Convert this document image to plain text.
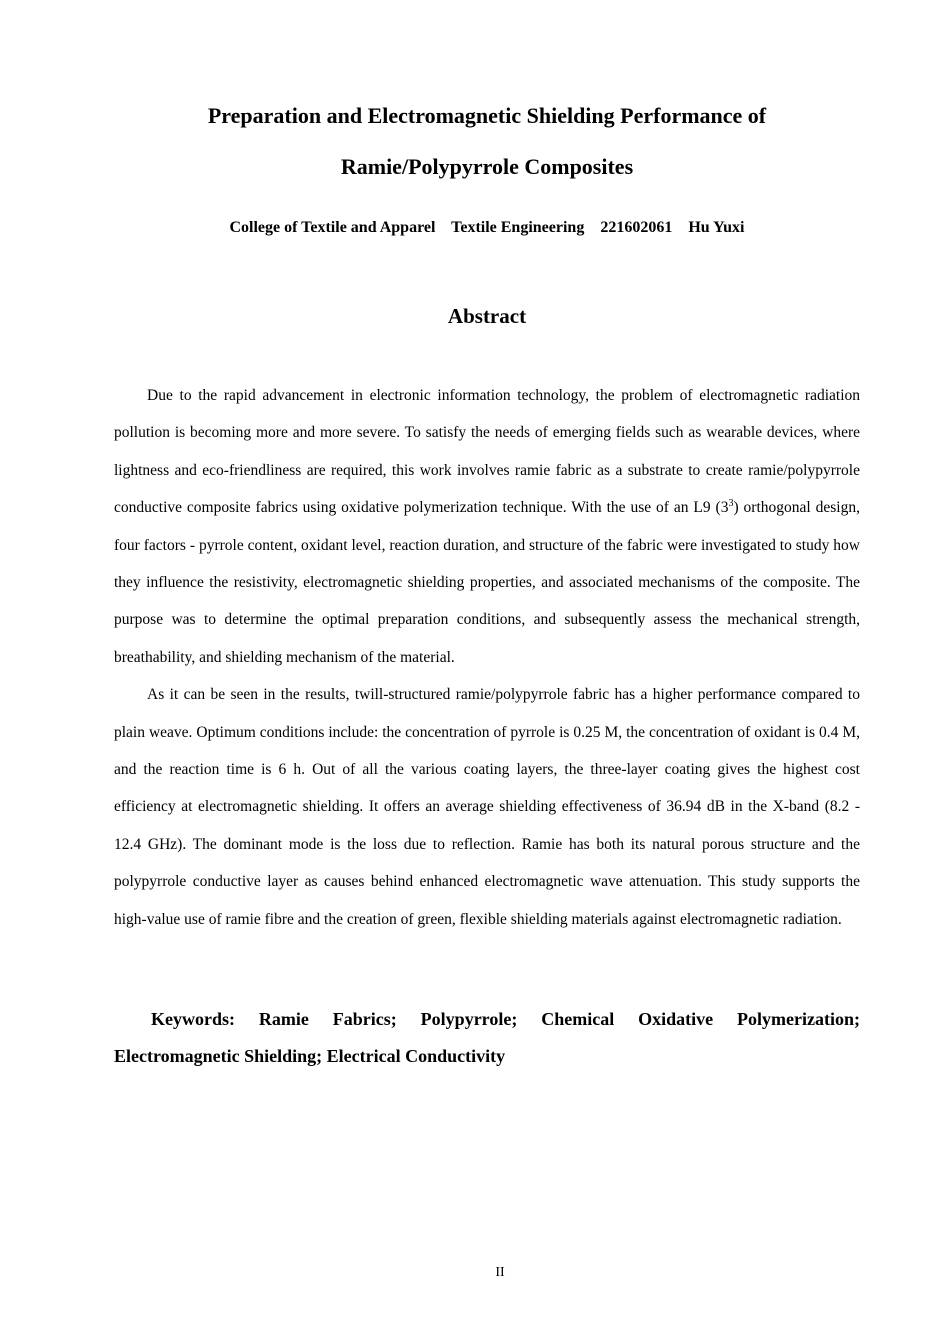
Preparation and Electromagnetic Shielding Performance of
Ramie/Polypyrrole Composites
College of Textile and Apparel    Textile Engineering    221602061    Hu Yuxi
Abstract

Due to the rapid advancement in electronic information technology, the problem of electromagnetic radiation pollution is becoming more and more severe. To satisfy the needs of emerging fields such as wearable devices, where lightness and eco-friendliness are required, this work involves ramie fabric as a substrate to create ramie/polypyrrole conductive composite fabrics using oxidative polymerization technique. With the use of an L9 $(3^3)$ orthogonal design, four factors - pyrrole content, oxidant level, reaction duration, and structure of the fabric were investigated to study how they influence the resistivity, electromagnetic shielding properties, and associated mechanisms of the composite. The purpose was to determine the optimal preparation conditions, and subsequently assess the mechanical strength, breathability, and shielding mechanism of the material.

As it can be seen in the results, twill-structured ramie/polypyrrole fabric has a higher performance compared to plain weave. Optimum conditions include: the concentration of pyrrole is 0.25 M, the concentration of oxidant is 0.4 M, and the reaction time is 6 h. Out of all the various coating layers, the three-layer coating gives the highest cost efficiency at electromagnetic shielding. It offers an average shielding effectiveness of 36.94 dB in the X-band (8.2 - 12.4 GHz). The dominant mode is the loss due to reflection. Ramie has both its natural porous structure and the polypyrrole conductive layer as causes behind enhanced electromagnetic wave attenuation. This study supports the high-value use of ramie fibre and the creation of green, flexible shielding materials against electromagnetic radiation.

Keywords: Ramie Fabrics; Polypyrrole; Chemical Oxidative Polymerization; Electromagnetic Shielding; Electrical Conductivity

II
